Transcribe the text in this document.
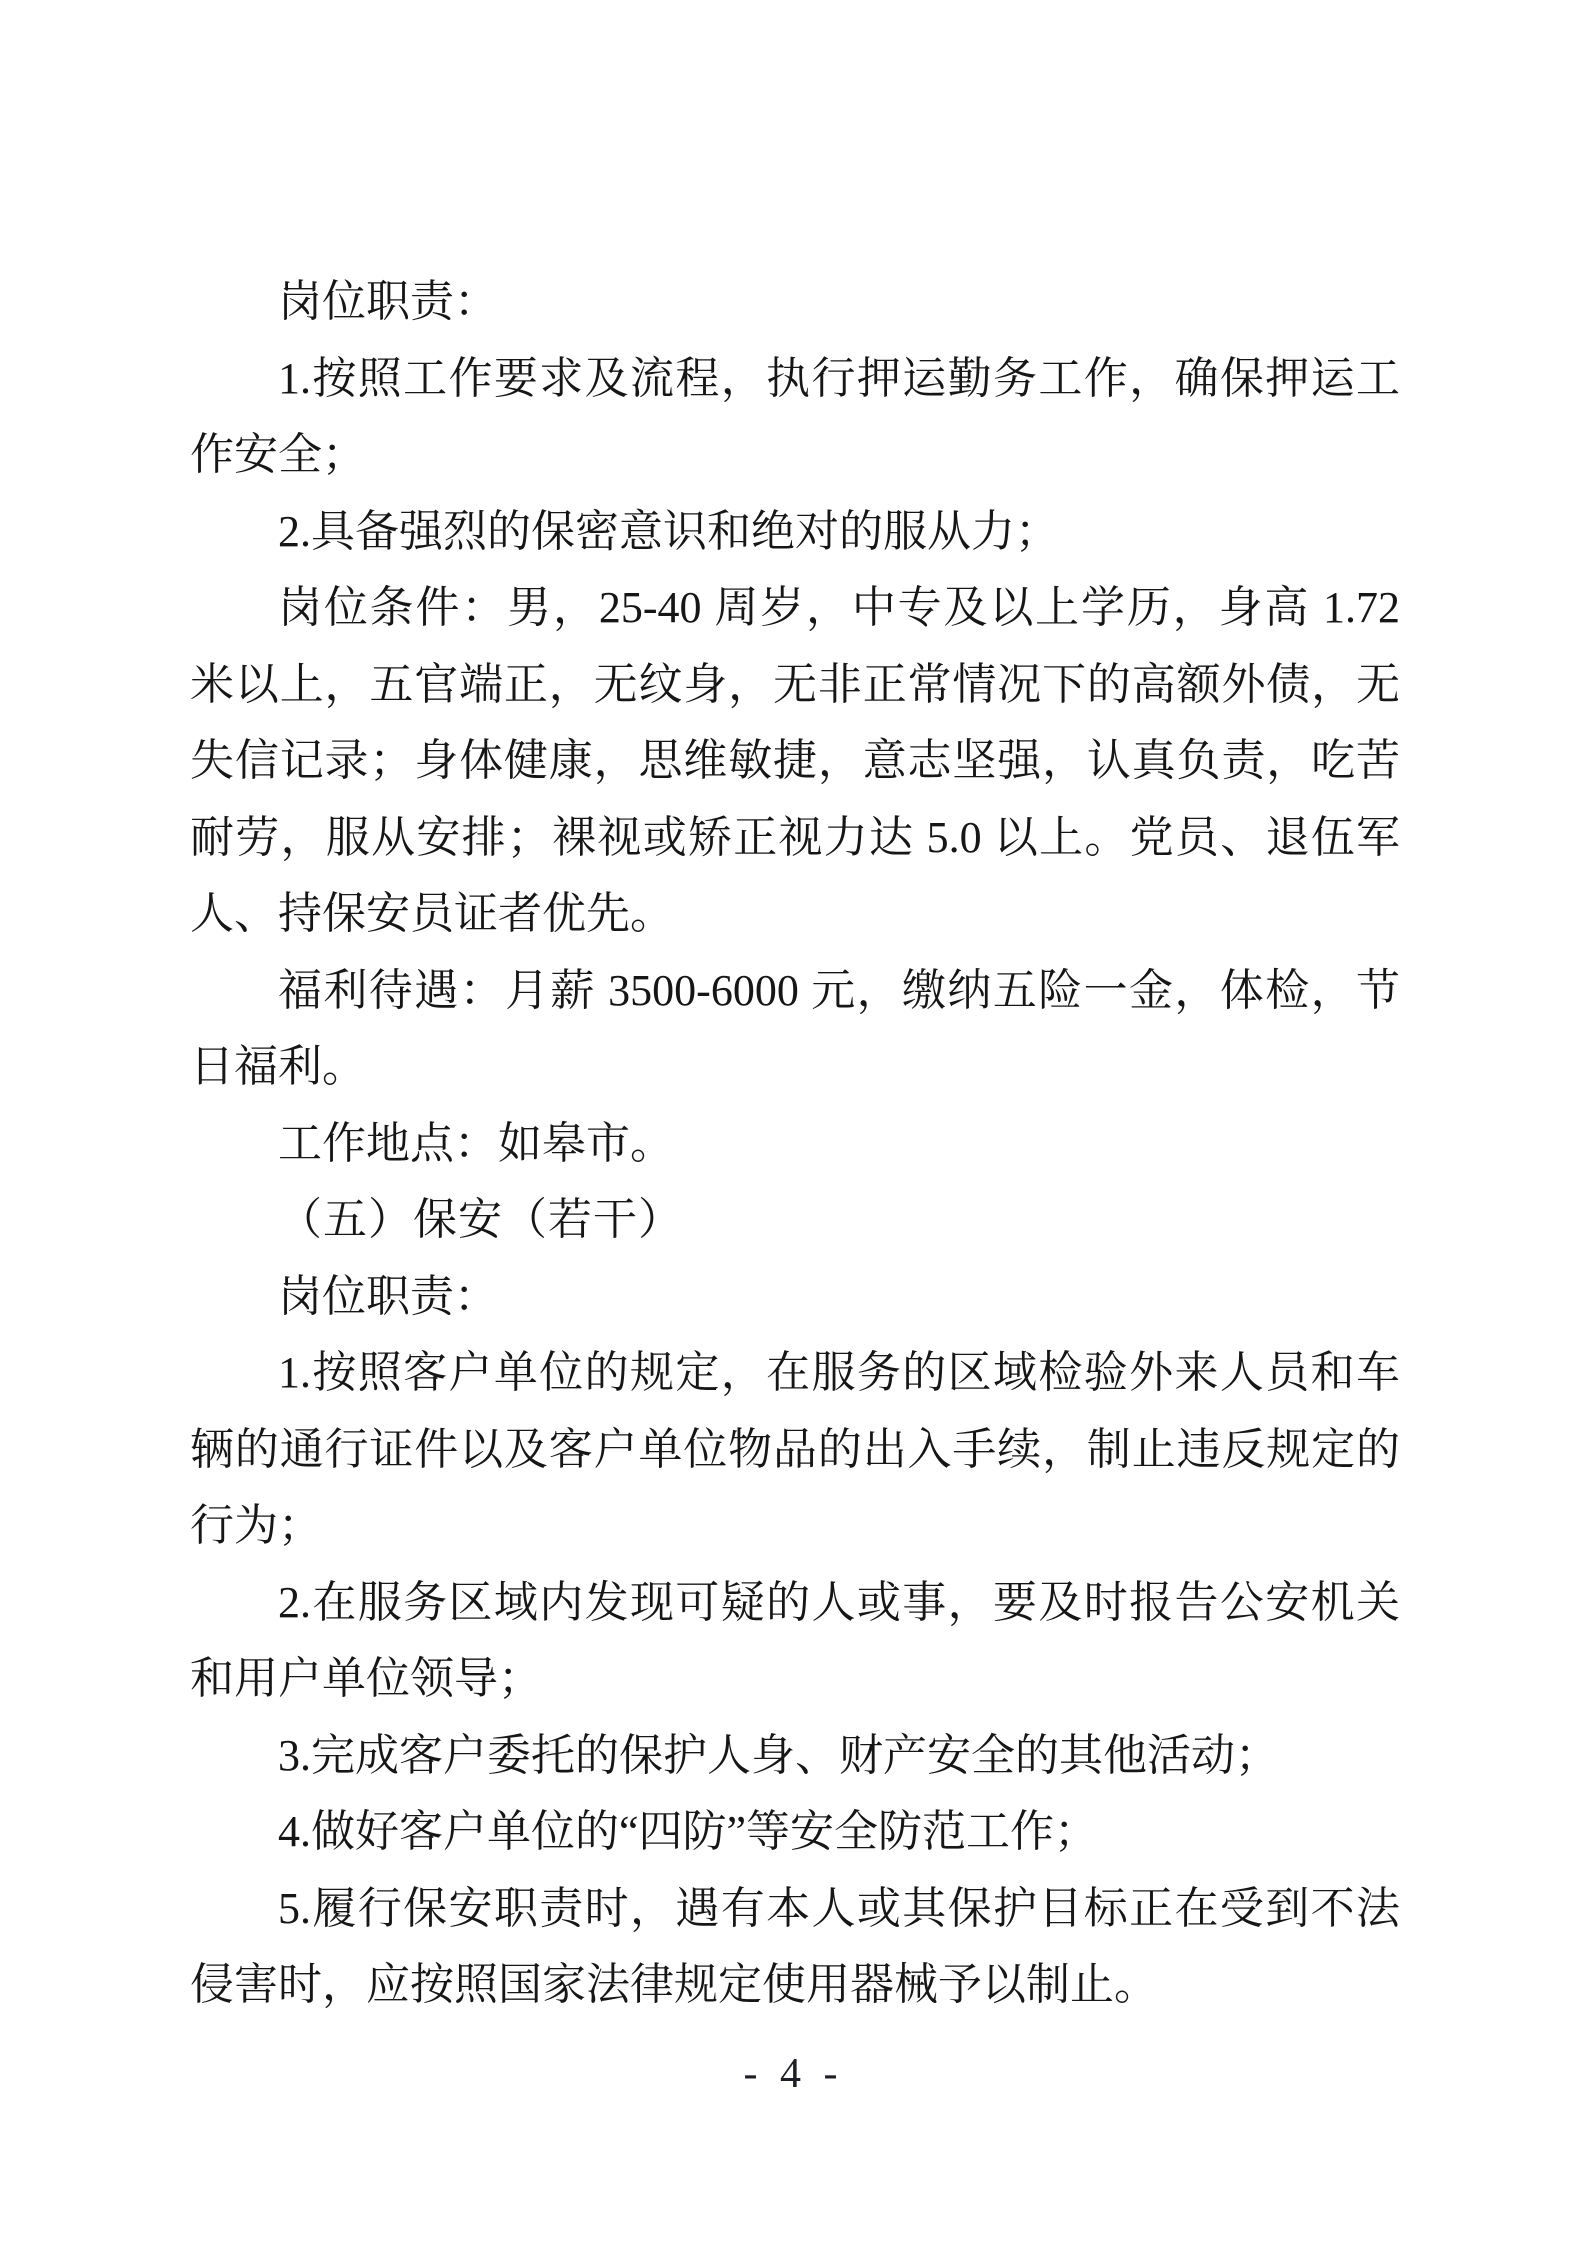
岗位职责：

1.按照工作要求及流程，执行押运勤务工作，确保押运工作安全；

2.具备强烈的保密意识和绝对的服从力；

岗位条件：男，25-40 周岁，中专及以上学历，身高 1.72 米以上，五官端正，无纹身，无非正常情况下的高额外债，无失信记录；身体健康，思维敏捷，意志坚强，认真负责，吃苦耐劳，服从安排；裸视或矫正视力达 5.0 以上。党员、退伍军人、持保安员证者优先。

福利待遇：月薪 3500-6000 元，缴纳五险一金，体检，节日福利。

工作地点：如皋市。

（五）保安（若干）

岗位职责：

1.按照客户单位的规定，在服务的区域检验外来人员和车辆的通行证件以及客户单位物品的出入手续，制止违反规定的行为；

2.在服务区域内发现可疑的人或事，要及时报告公安机关和用户单位领导；

3.完成客户委托的保护人身、财产安全的其他活动；

4.做好客户单位的“四防”等安全防范工作；

5.履行保安职责时，遇有本人或其保护目标正在受到不法侵害时，应按照国家法律规定使用器械予以制止。

- 4 -
